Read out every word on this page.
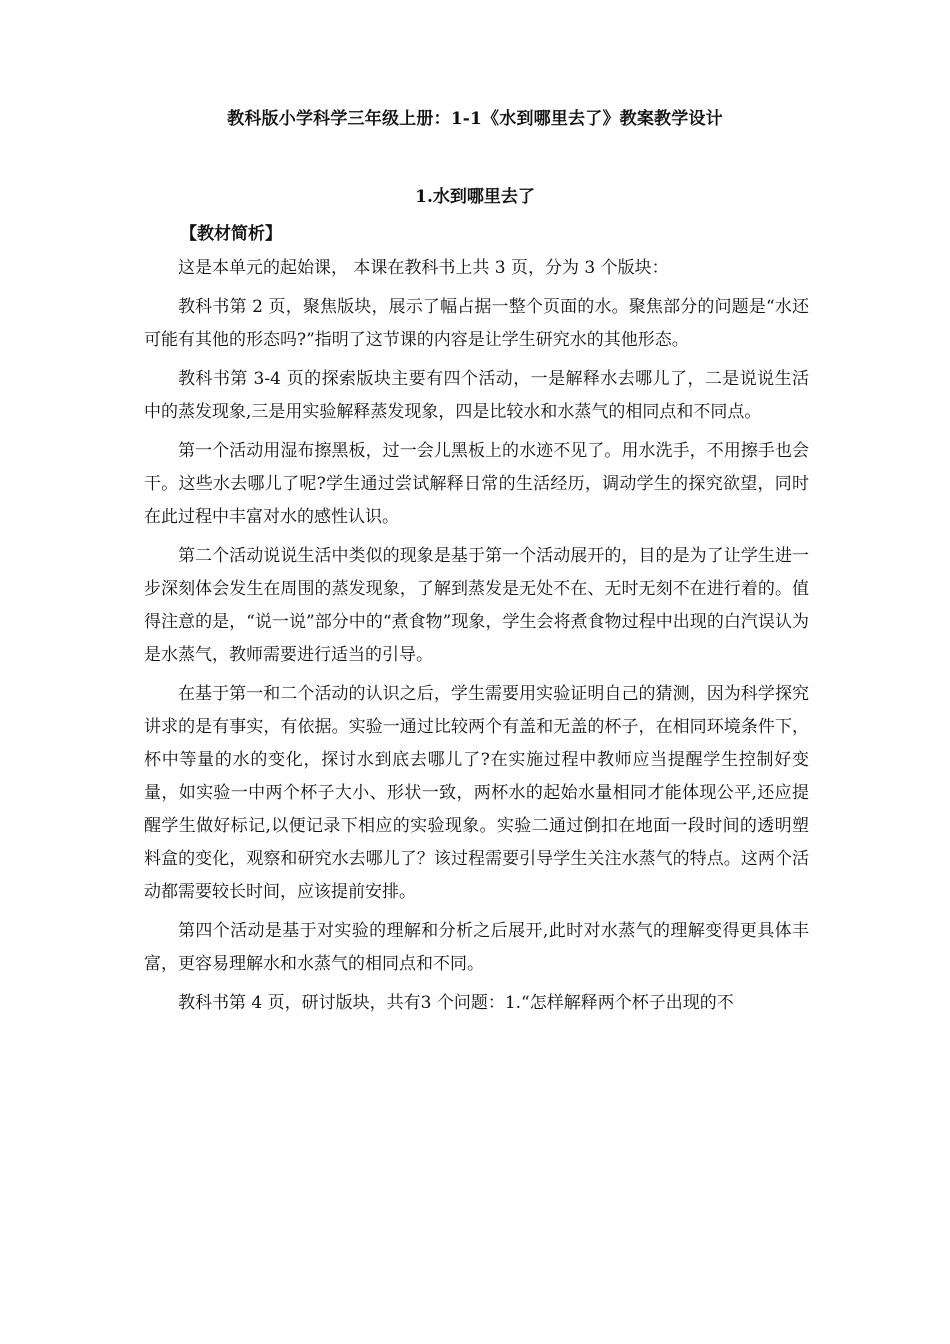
教科版小学科学三年级上册：1-1《水到哪里去了》教案教学设计
1.水到哪里去了
【教材简析】

这是本单元的起始课， 本课在教科书上共 3 页，分为 3 个版块：

教科书第 2 页，聚焦版块，展示了幅占据一整个页面的水。聚焦部分的问题是“水还可能有其他的形态吗?”指明了这节课的内容是让学生研究水的其他形态。

教科书第 3-4 页的探索版块主要有四个活动，一是解释水去哪儿了，二是说说生活中的蒸发现象,三是用实验解释蒸发现象，四是比较水和水蒸气的相同点和不同点。

第一个活动用湿布擦黑板，过一会儿黑板上的水迹不见了。用水洗手，不用擦手也会干。这些水去哪儿了呢?学生通过尝试解释日常的生活经历，调动学生的探究欲望，同时在此过程中丰富对水的感性认识。

第二个活动说说生活中类似的现象是基于第一个活动展开的，目的是为了让学生进一步深刻体会发生在周围的蒸发现象，了解到蒸发是无处不在、无时无刻不在进行着的。值得注意的是，“说一说”部分中的“煮食物”现象，学生会将煮食物过程中出现的白汽误认为是水蒸气，教师需要进行适当的引导。

在基于第一和二个活动的认识之后，学生需要用实验证明自己的猜测，因为科学探究讲求的是有事实，有依据。实验一通过比较两个有盖和无盖的杯子，在相同环境条件下，杯中等量的水的变化，探讨水到底去哪儿了?在实施过程中教师应当提醒学生控制好变量，如实验一中两个杯子大小、形状一致，两杯水的起始水量相同才能体现公平,还应提醒学生做好标记,以便记录下相应的实验现象。实验二通过倒扣在地面一段时间的透明塑料盒的变化，观察和研究水去哪儿了？该过程需要引导学生关注水蒸气的特点。这两个活动都需要较长时间，应该提前安排。

第四个活动是基于对实验的理解和分析之后展开,此时对水蒸气的理解变得更具体丰富，更容易理解水和水蒸气的相同点和不同。

教科书第 4 页，研讨版块，共有3 个问题：1.“怎样解释两个杯子出现的不
